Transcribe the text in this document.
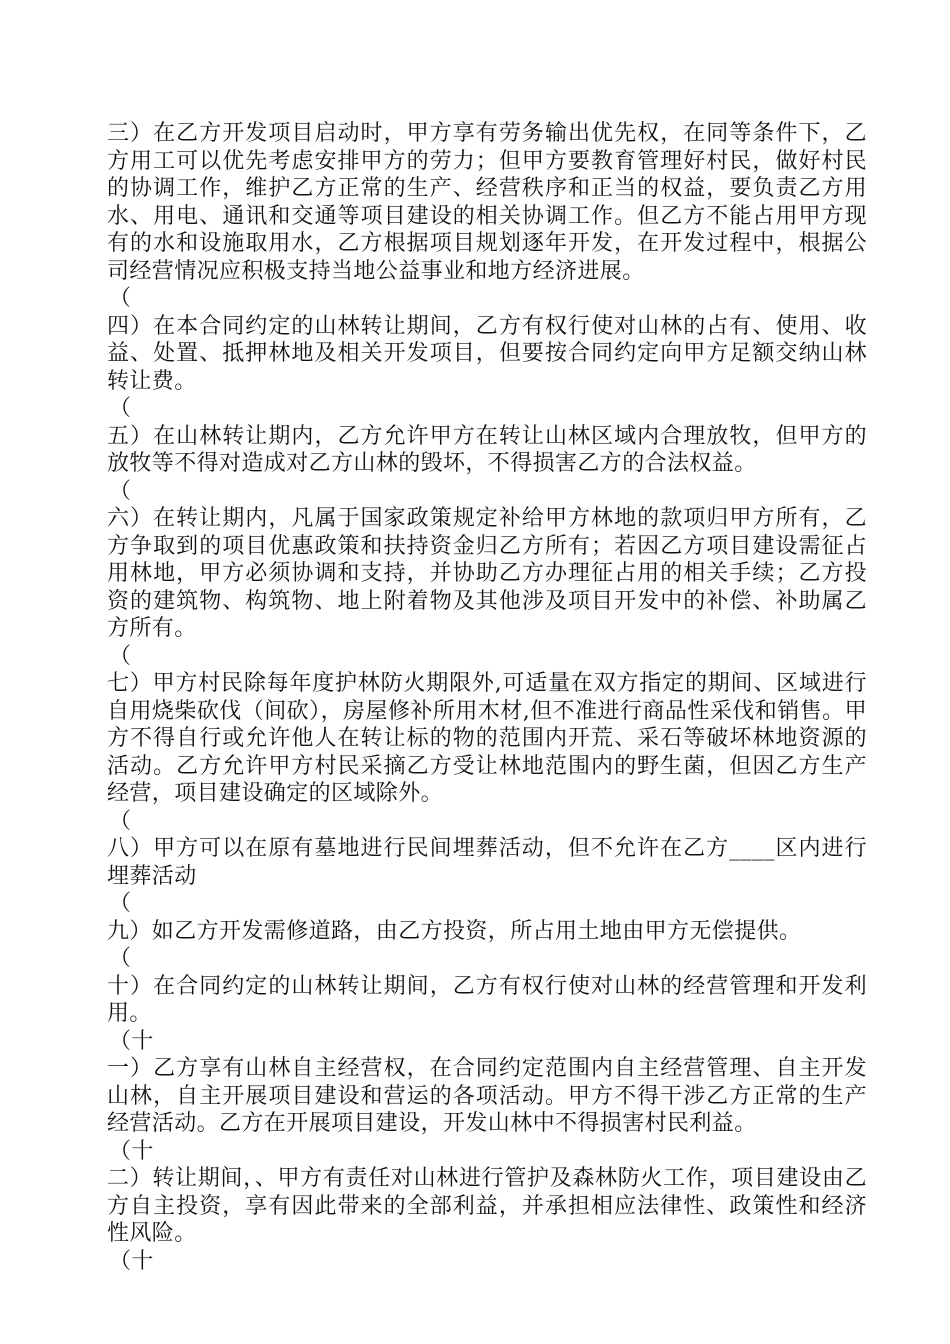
三）在乙方开发项目启动时，甲方享有劳务输出优先权，在同等条件下，乙方用工可以优先考虑安排甲方的劳力；但甲方要教育管理好村民，做好村民的协调工作，维护乙方正常的生产、经营秩序和正当的权益，要负责乙方用水、用电、通讯和交通等项目建设的相关协调工作。但乙方不能占用甲方现有的水和设施取用水，乙方根据项目规划逐年开发，在开发过程中，根据公司经营情况应积极支持当地公益事业和地方经济进展。

（

四）在本合同约定的山林转让期间，乙方有权行使对山林的占有、使用、收益、处置、抵押林地及相关开发项目，但要按合同约定向甲方足额交纳山林转让费。

（

五）在山林转让期内，乙方允许甲方在转让山林区域内合理放牧，但甲方的放牧等不得对造成对乙方山林的毁坏，不得损害乙方的合法权益。

（

六）在转让期内，凡属于国家政策规定补给甲方林地的款项归甲方所有，乙方争取到的项目优惠政策和扶持资金归乙方所有；若因乙方项目建设需征占用林地，甲方必须协调和支持，并协助乙方办理征占用的相关手续；乙方投资的建筑物、构筑物、地上附着物及其他涉及项目开发中的补偿、补助属乙方所有。

（

七）甲方村民除每年度护林防火期限外,可适量在双方指定的期间、区域进行自用烧柴砍伐（间砍），房屋修补所用木材,但不准进行商品性采伐和销售。甲方不得自行或允许他人在转让标的物的范围内开荒、采石等破坏林地资源的活动。乙方允许甲方村民采摘乙方受让林地范围内的野生菌，但因乙方生产经营，项目建设确定的区域除外。

（

八）甲方可以在原有墓地进行民间埋葬活动，但不允许在乙方____区内进行埋葬活动

（

九）如乙方开发需修道路，由乙方投资，所占用土地由甲方无偿提供。

（

十）在合同约定的山林转让期间，乙方有权行使对山林的经营管理和开发利用。

（十

一）乙方享有山林自主经营权，在合同约定范围内自主经营管理、自主开发山林，自主开展项目建设和营运的各项活动。甲方不得干涉乙方正常的生产经营活动。乙方在开展项目建设，开发山林中不得损害村民利益。

（十

二）转让期间，、甲方有责任对山林进行管护及森林防火工作，项目建设由乙方自主投资，享有因此带来的全部利益，并承担相应法律性、政策性和经济性风险。

（十
